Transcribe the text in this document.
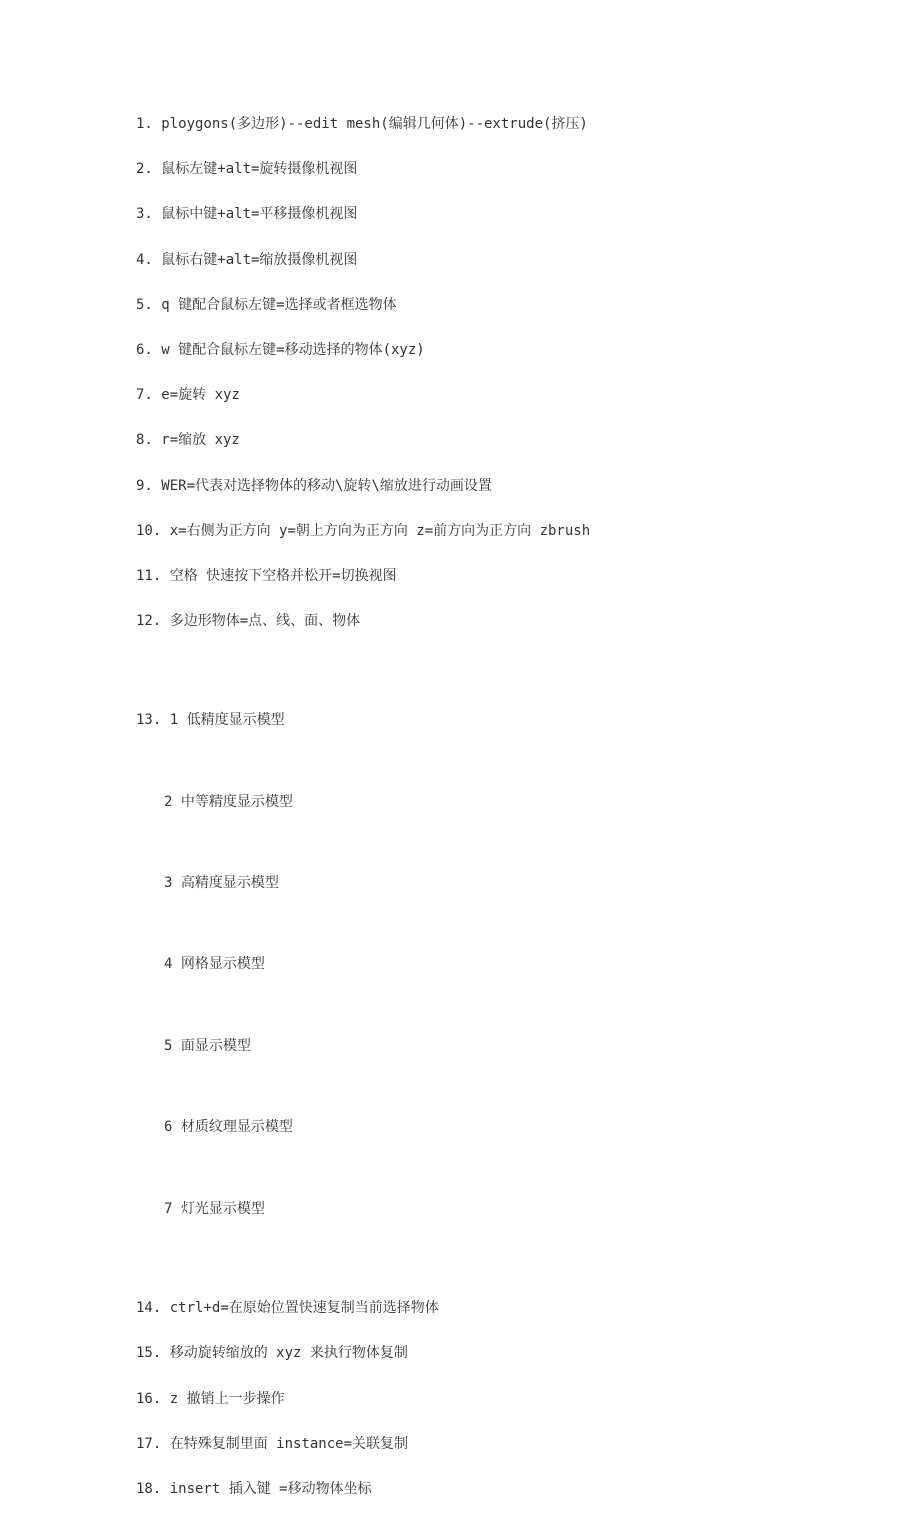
1. ploygons(多边形)--edit mesh(编辑几何体)--extrude(挤压)
2. 鼠标左键+alt=旋转摄像机视图
3. 鼠标中键+alt=平移摄像机视图
4. 鼠标右键+alt=缩放摄像机视图
5. q 键配合鼠标左键=选择或者框选物体
6. w 键配合鼠标左键=移动选择的物体(xyz)
7. e=旋转 xyz
8. r=缩放 xyz
9. WER=代表对选择物体的移动\旋转\缩放进行动画设置
10. x=右侧为正方向 y=朝上方向为正方向 z=前方向为正方向 zbrush
11. 空格 快速按下空格并松开=切换视图
12. 多边形物体=点、线、面、物体

13. 1 低精度显示模型

2 中等精度显示模型

3 高精度显示模型

4 网格显示模型

5 面显示模型

6 材质纹理显示模型

7 灯光显示模型

14. ctrl+d=在原始位置快速复制当前选择物体
15. 移动旋转缩放的 xyz 来执行物体复制
16. z 撤销上一步操作
17. 在特殊复制里面 instance=关联复制
18. insert 插入键 =移动物体坐标
